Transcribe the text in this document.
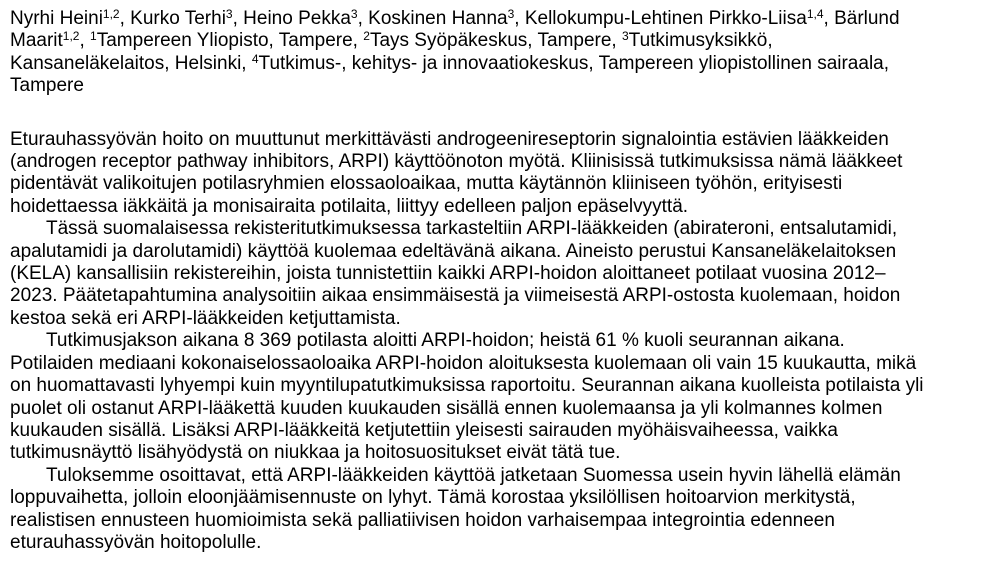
Nyrhi Heini$^{1,2}$, Kurko Terhi$^3$, Heino Pekka$^3$, Koskinen Hanna$^3$, Kellokumpu-Lehtinen Pirkko-Liisa$^{1,4}$, Bärlund
Maarit$^{1,2}$, $^1$Tampereen Yliopisto, Tampere, $^2$Tays Syöpäkeskus, Tampere, $^3$Tutkimusyksikkö,
Kansaneläkelaitos, Helsinki, $^4$Tutkimus-, kehitys- ja innovaatiokeskus, Tampereen yliopistollinen sairaala,
Tampere

Eturauhassyövän hoito on muuttunut merkittävästi androgeenireseptorin signalointia estävien lääkkeiden
(androgen receptor pathway inhibitors, ARPI) käyttöönoton myötä. Kliinisissä tutkimuksissa nämä lääkkeet
pidentävät valikoitujen potilasryhmien elossaoloaikaa, mutta käytännön kliiniseen työhön, erityisesti
hoidettaessa iäkkäitä ja monisairaita potilaita, liittyy edelleen paljon epäselvyyttä.

Tässä suomalaisessa rekisteritutkimuksessa tarkasteltiin ARPI-lääkkeiden (abirateroni, entsalutamidi,
apalutamidi ja darolutamidi) käyttöä kuolemaa edeltävänä aikana. Aineisto perustui Kansaneläkelaitoksen
(KELA) kansallisiin rekistereihin, joista tunnistettiin kaikki ARPI-hoidon aloittaneet potilaat vuosina 2012–
2023. Päätetapahtumina analysoitiin aikaa ensimmäisestä ja viimeisestä ARPI-ostosta kuolemaan, hoidon
kestoa sekä eri ARPI-lääkkeiden ketjuttamista.

Tutkimusjakson aikana 8 369 potilasta aloitti ARPI-hoidon; heistä 61 % kuoli seurannan aikana.
Potilaiden mediaani kokonaiselossaoloaika ARPI-hoidon aloituksesta kuolemaan oli vain 15 kuukautta, mikä
on huomattavasti lyhyempi kuin myyntilupatutkimuksissa raportoitu. Seurannan aikana kuolleista potilaista yli
puolet oli ostanut ARPI-lääkettä kuuden kuukauden sisällä ennen kuolemaansa ja yli kolmannes kolmen
kuukauden sisällä. Lisäksi ARPI-lääkkeitä ketjutettiin yleisesti sairauden myöhäisvaiheessa, vaikka
tutkimusnäyttö lisähyödystä on niukkaa ja hoitosuositukset eivät tätä tue.

Tuloksemme osoittavat, että ARPI-lääkkeiden käyttöä jatketaan Suomessa usein hyvin lähellä elämän
loppuvaihetta, jolloin eloonjäämisennuste on lyhyt. Tämä korostaa yksilöllisen hoitoarvion merkitystä,
realistisen ennusteen huomioimista sekä palliatiivisen hoidon varhaisempaa integrointia edenneen
eturauhassyövän hoitopolulle.
